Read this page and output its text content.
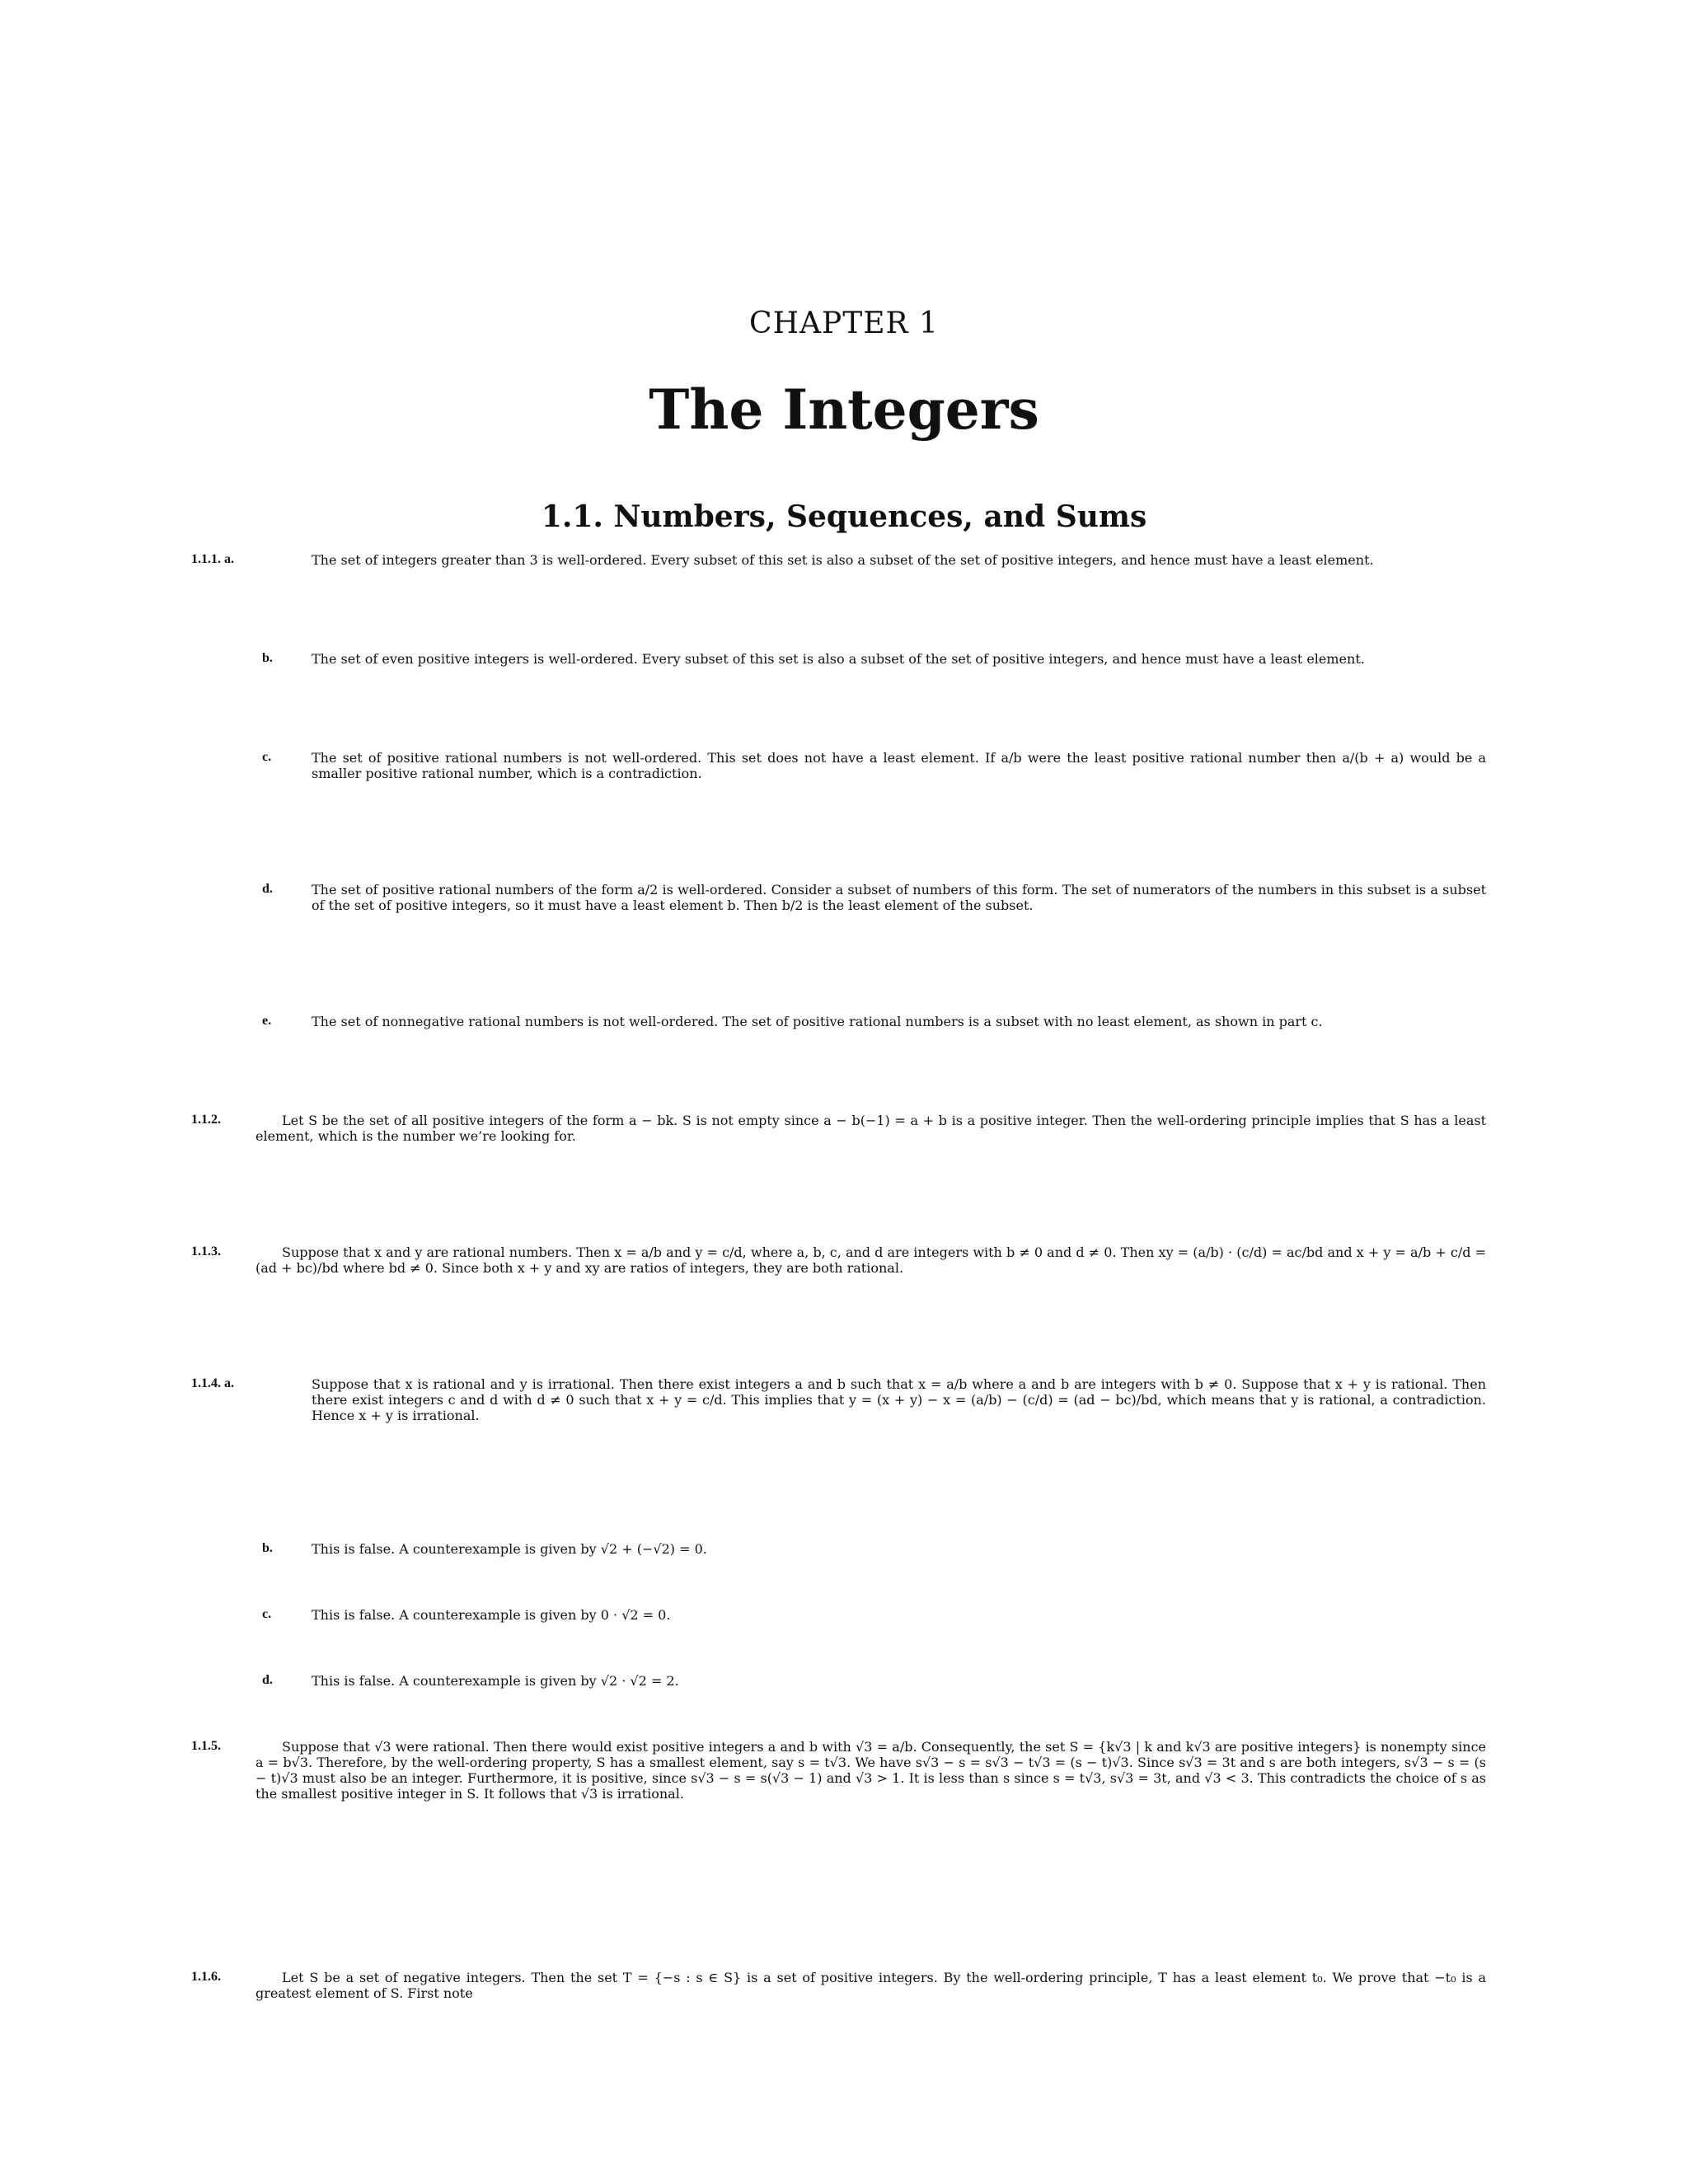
CHAPTER 1
The Integers
1.1. Numbers, Sequences, and Sums
1.1.1. a.	The set of integers greater than 3 is well-ordered. Every subset of this set is also a subset of the set of positive integers, and hence must have a least element.
b.	The set of even positive integers is well-ordered. Every subset of this set is also a subset of the set of positive integers, and hence must have a least element.
c.	The set of positive rational numbers is not well-ordered. This set does not have a least element. If a/b were the least positive rational number then a/(b + a) would be a smaller positive rational number, which is a contradiction.
d.	The set of positive rational numbers of the form a/2 is well-ordered. Consider a subset of numbers of this form. The set of numerators of the numbers in this subset is a subset of the set of positive integers, so it must have a least element b. Then b/2 is the least element of the subset.
e.	The set of nonnegative rational numbers is not well-ordered. The set of positive rational numbers is a subset with no least element, as shown in part c.
1.1.2.	Let S be the set of all positive integers of the form a − bk. S is not empty since a − b(−1) = a + b is a positive integer. Then the well-ordering principle implies that S has a least element, which is the number we’re looking for.
1.1.3.	Suppose that x and y are rational numbers. Then x = a/b and y = c/d, where a, b, c, and d are integers with b ≠ 0 and d ≠ 0. Then xy = (a/b) · (c/d) = ac/bd and x + y = a/b + c/d = (ad + bc)/bd where bd ≠ 0. Since both x + y and xy are ratios of integers, they are both rational.
1.1.4. a.	Suppose that x is rational and y is irrational. Then there exist integers a and b such that x = a/b where a and b are integers with b ≠ 0. Suppose that x + y is rational. Then there exist integers c and d with d ≠ 0 such that x + y = c/d. This implies that y = (x + y) − x = (a/b) − (c/d) = (ad − bc)/bd, which means that y is rational, a contradiction. Hence x + y is irrational.
b.	This is false. A counterexample is given by √2 + (−√2) = 0.
c.	This is false. A counterexample is given by 0 · √2 = 0.
d.	This is false. A counterexample is given by √2 · √2 = 2.
1.1.5.	Suppose that √3 were rational. Then there would exist positive integers a and b with √3 = a/b. Consequently, the set S = {k√3 | k and k√3 are positive integers} is nonempty since a = b√3. Therefore, by the well-ordering property, S has a smallest element, say s = t√3. We have s√3 − s = s√3 − t√3 = (s − t)√3. Since s√3 = 3t and s are both integers, s√3 − s = (s − t)√3 must also be an integer. Furthermore, it is positive, since s√3 − s = s(√3 − 1) and √3 > 1. It is less than s since s = t√3, s√3 = 3t, and √3 < 3. This contradicts the choice of s as the smallest positive integer in S. It follows that √3 is irrational.
1.1.6.	Let S be a set of negative integers. Then the set T = {−s : s ∈ S} is a set of positive integers. By the well-ordering principle, T has a least element t₀. We prove that −t₀ is a greatest element of S. First note
